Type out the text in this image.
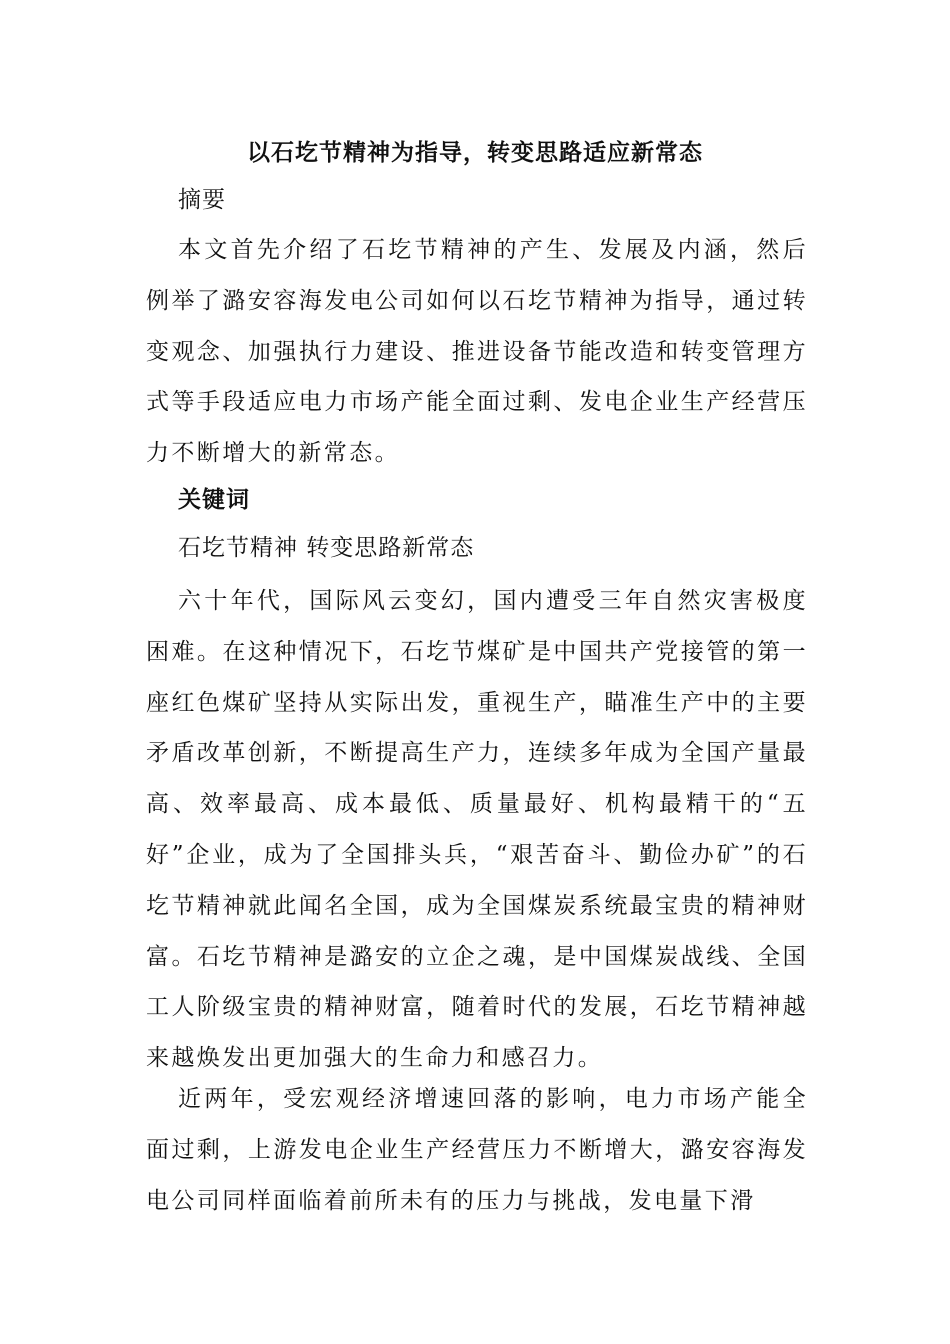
以石圪节精神为指导，转变思路适应新常态
摘要

本文首先介绍了石圪节精神的产生、发展及内涵，然后例举了潞安容海发电公司如何以石圪节精神为指导，通过转变观念、加强执行力建设、推进设备节能改造和转变管理方式等手段适应电力市场产能全面过剩、发电企业生产经营压力不断增大的新常态。

关键词
石圪节精神 转变思路新常态

六十年代，国际风云变幻，国内遭受三年自然灾害极度困难。在这种情况下，石圪节煤矿是中国共产党接管的第一座红色煤矿坚持从实际出发，重视生产，瞄准生产中的主要矛盾改革创新，不断提高生产力，连续多年成为全国产量最高、效率最高、成本最低、质量最好、机构最精干的“五好”企业，成为了全国排头兵，“艰苦奋斗、勤俭办矿”的石圪节精神就此闻名全国，成为全国煤炭系统最宝贵的精神财富。石圪节精神是潞安的立企之魂，是中国煤炭战线、全国工人阶级宝贵的精神财富，随着时代的发展，石圪节精神越来越焕发出更加强大的生命力和感召力。

近两年，受宏观经济增速回落的影响，电力市场产能全面过剩，上游发电企业生产经营压力不断增大，潞安容海发电公司同样面临着前所未有的压力与挑战，发电量下滑
